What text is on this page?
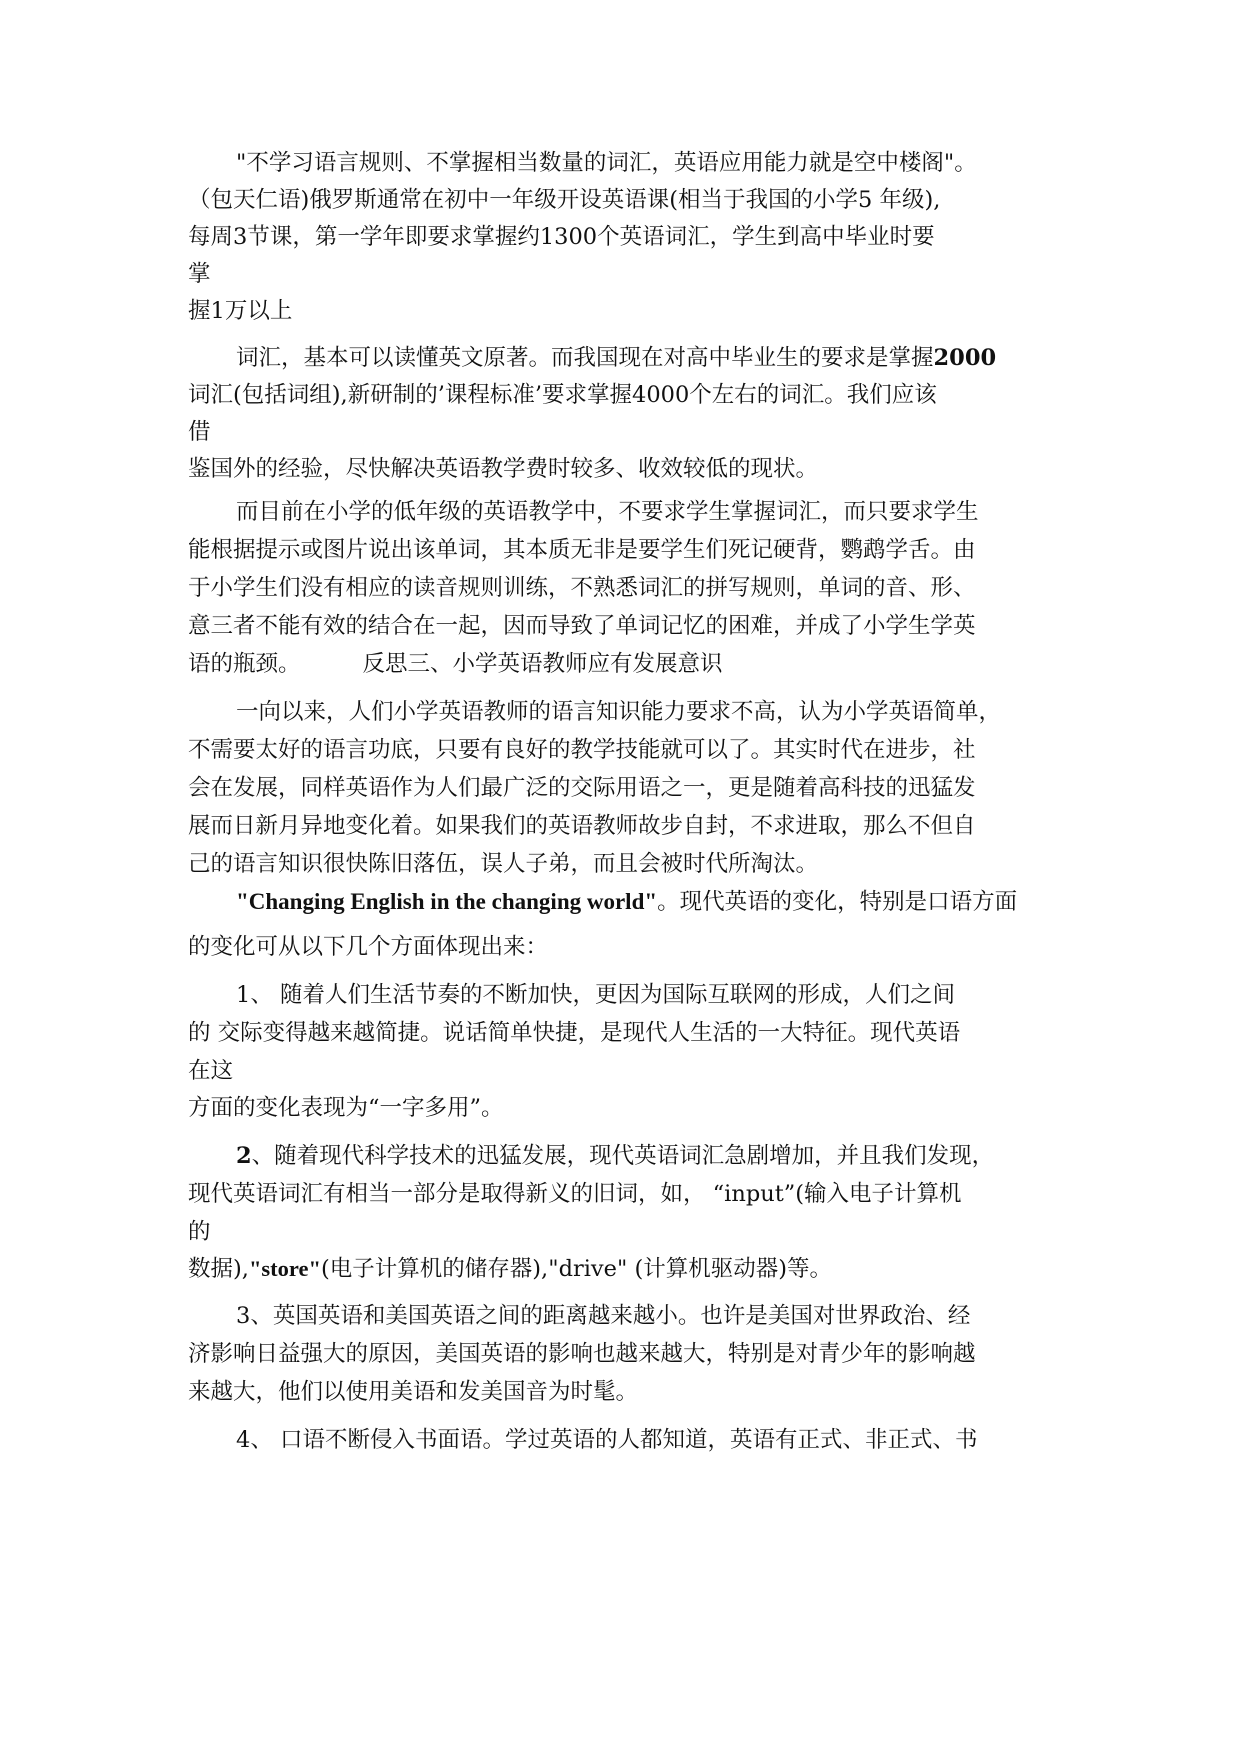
"不学习语言规则、不掌握相当数量的词汇，英语应用能力就是空中楼阁"。

（包天仁语)俄罗斯通常在初中一年级开设英语课(相当于我国的小学5 年级),

每周3节课，第一学年即要求掌握约1300个英语词汇，学生到高中毕业时要

掌

握1万以上

词汇，基本可以读懂英文原著。而我国现在对高中毕业生的要求是掌握2000

词汇(包括词组),新研制的’课程标准’要求掌握4000个左右的词汇。我们应该

借

鉴国外的经验，尽快解决英语教学费时较多、收效较低的现状。

而目前在小学的低年级的英语教学中，不要求学生掌握词汇，而只要求学生

能根据提示或图片说出该单词，其本质无非是要学生们死记硬背，鹦鹉学舌。由

于小学生们没有相应的读音规则训练，不熟悉词汇的拼写规则，单词的音、形、

意三者不能有效的结合在一起，因而导致了单词记忆的困难，并成了小学生学英

语的瓶颈。	反思三、小学英语教师应有发展意识

一向以来，人们小学英语教师的语言知识能力要求不高，认为小学英语简单，

不需要太好的语言功底，只要有良好的教学技能就可以了。其实时代在进步，社

会在发展，同样英语作为人们最广泛的交际用语之一，更是随着高科技的迅猛发

展而日新月异地变化着。如果我们的英语教师故步自封，不求进取，那么不但自

己的语言知识很快陈旧落伍，误人子弟，而且会被时代所淘汰。

"Changing English in the changing world"。现代英语的变化，特别是口语方面

的变化可从以下几个方面体现出来：

1、 随着人们生活节奏的不断加快，更因为国际互联网的形成，人们之间

的 交际变得越来越简捷。说话简单快捷，是现代人生活的一大特征。现代英语

在这

方面的变化表现为“一字多用”。

2、随着现代科学技术的迅猛发展，现代英语词汇急剧增加，并且我们发现，

现代英语词汇有相当一部分是取得新义的旧词，如， “input”(输入电子计算机

的

数据),"store"(电子计算机的储存器),"drive" (计算机驱动器)等。

3、英国英语和美国英语之间的距离越来越小。也许是美国对世界政治、经

济影响日益强大的原因，美国英语的影响也越来越大，特别是对青少年的影响越

来越大，他们以使用美语和发美国音为时髦。

4、 口语不断侵入书面语。学过英语的人都知道，英语有正式、非正式、书
